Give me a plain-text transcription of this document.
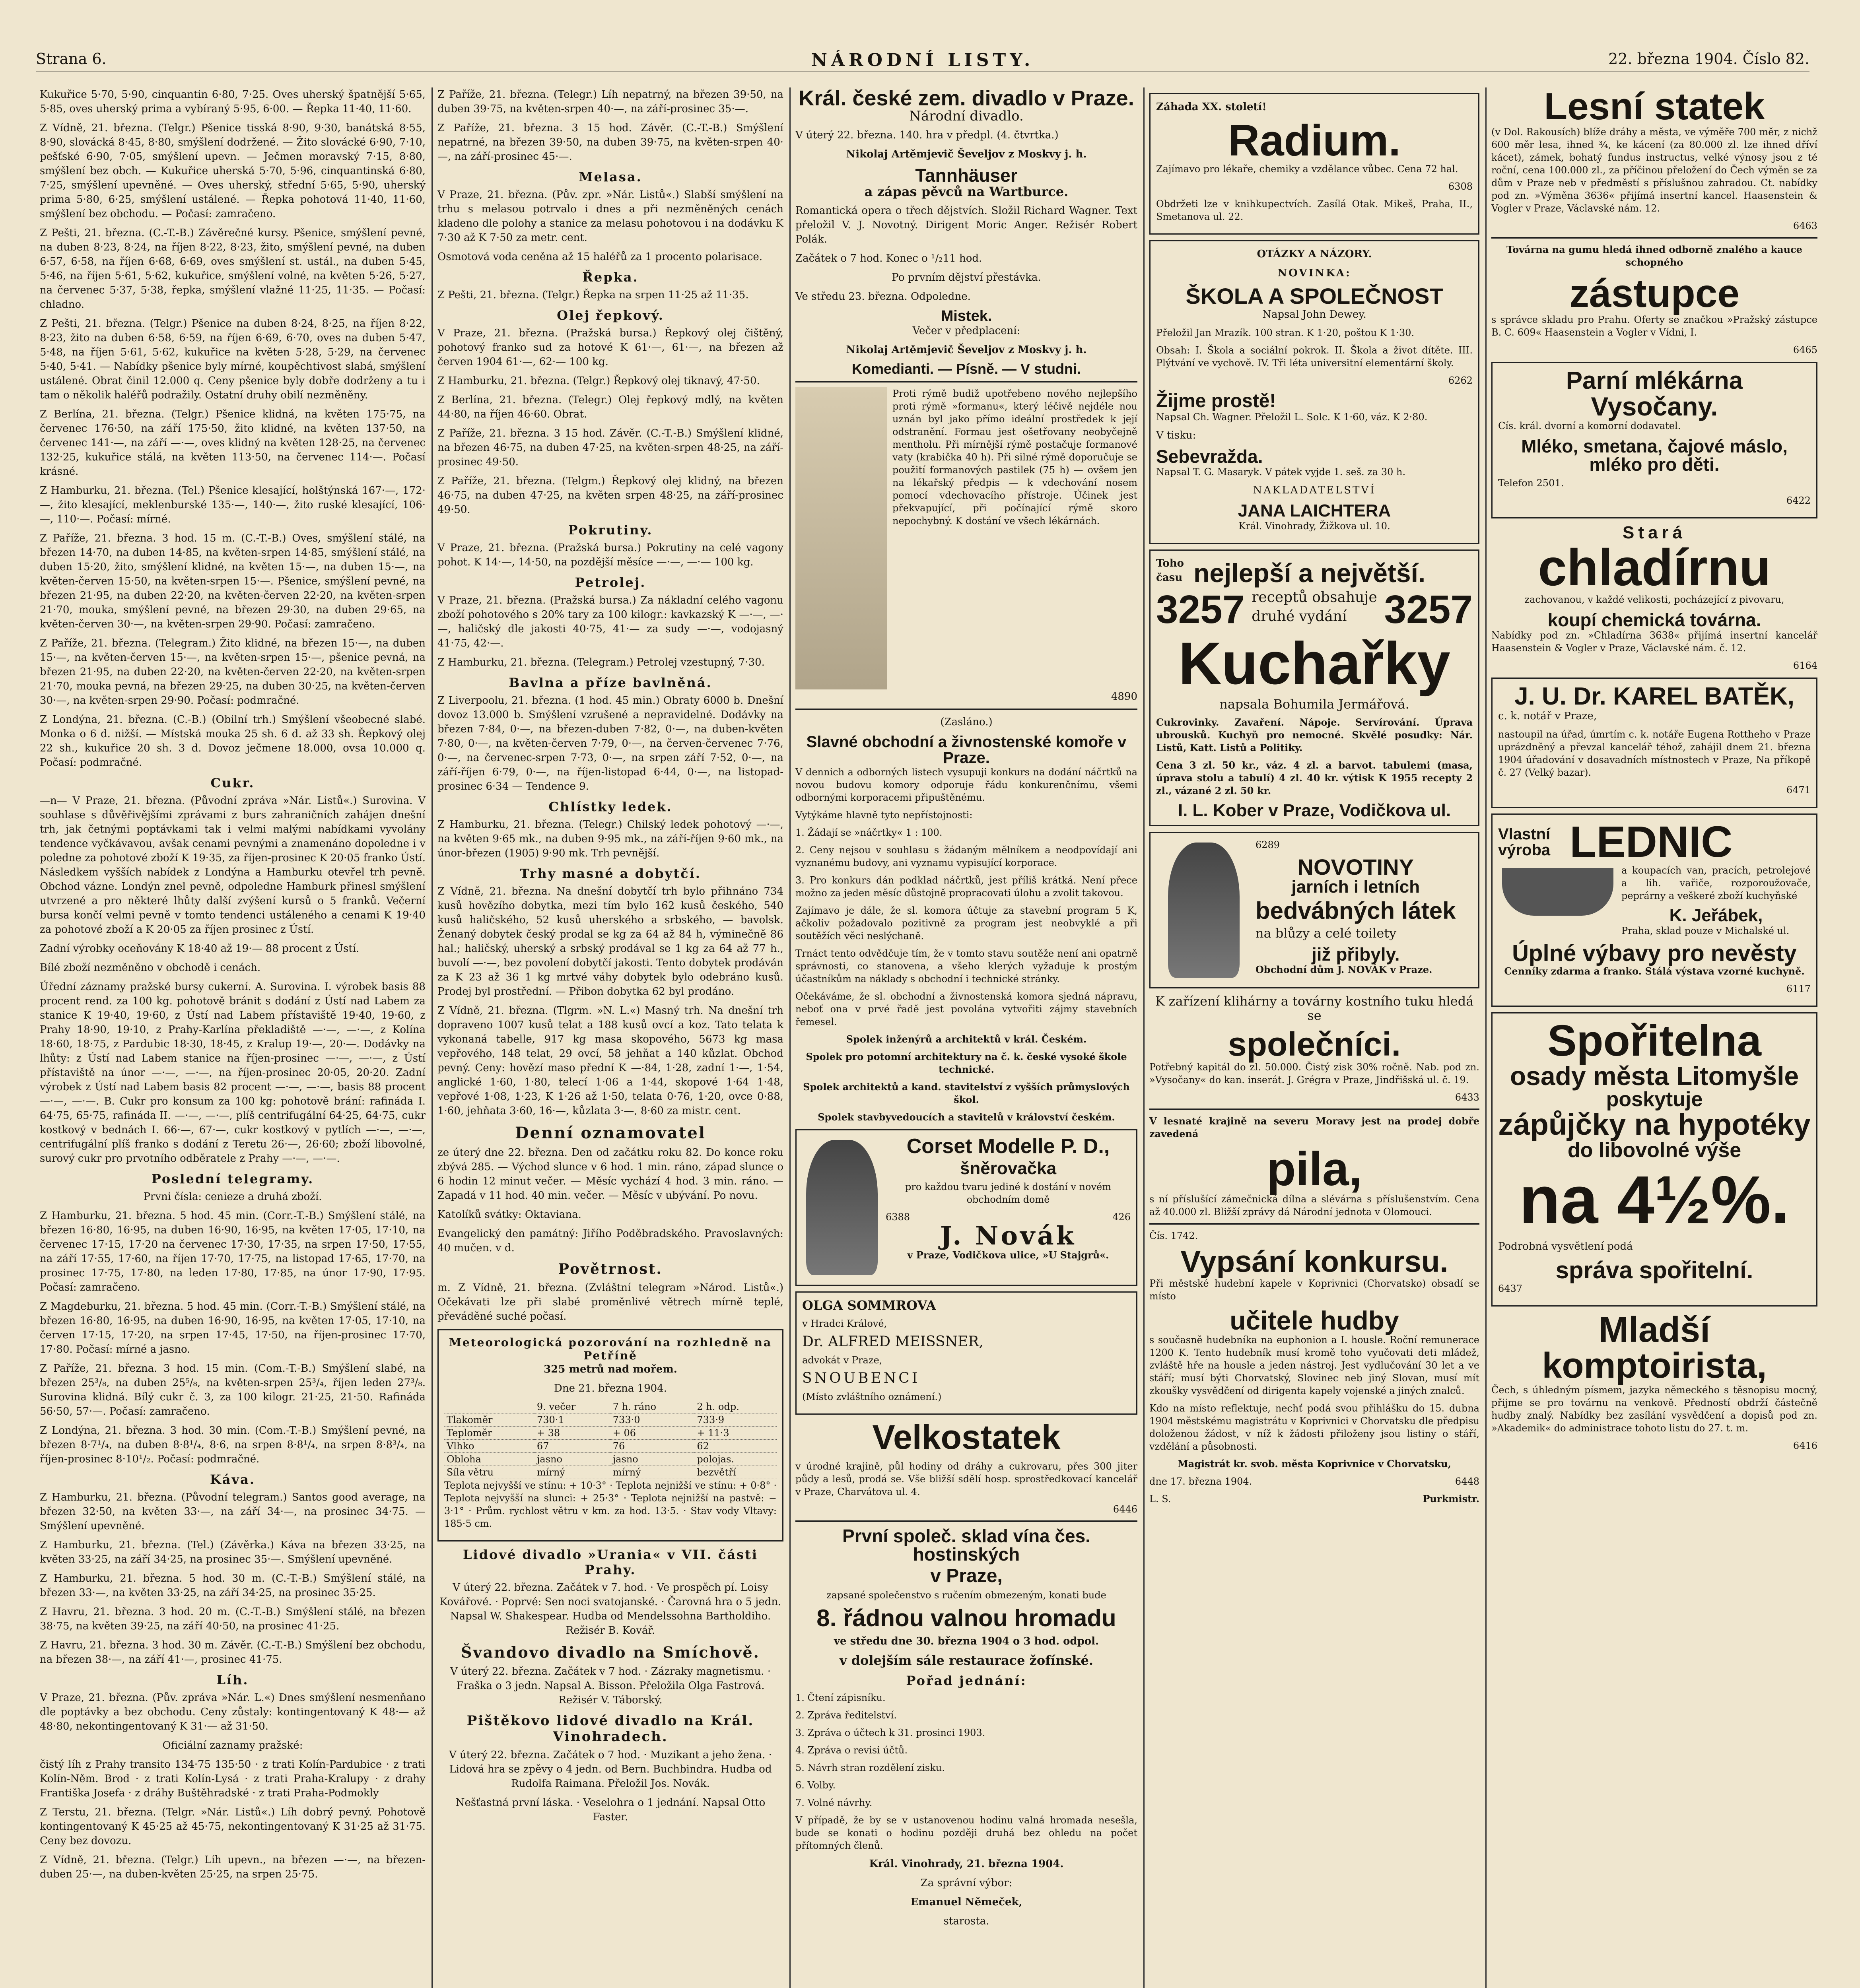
Strana 6.	NÁRODNÍ LISTY.	22. března 1904. Číslo 82.

Kukuřice 5·70, 5·90, cinquantin 6·80, 7·25. Oves uherský špatnější 5·65, 5·85, oves uherský prima a vybíraný 5·95, 6·00. — Řepka 11·40, 11·60.

Z Vídně, 21. března. (Telgr.) Pšenice tisská 8·90, 9·30, banátská 8·55, 8·90, slovácká 8·45, 8·80, smýšlení dodržené. — Žito slovácké 6·90, 7·10, pešťské 6·90, 7·05, smýšlení upevn. — Ječmen moravský 7·15, 8·80, smýšlení bez obch. — Kukuřice uherská 5·70, 5·96, cinquantinská 6·80, 7·25, smýšlení upevněné. — Oves uherský, střední 5·65, 5·90, uherský prima 5·80, 6·25, smýšlení ustálené. — Řepka pohotová 11·40, 11·60, smýšlení bez obchodu. — Počasí: zamračeno.

Z Pešti, 21. března. (C.-T.-B.) Závěrečné kursy. Pšenice, smýšlení pevné, na duben 8·23, 8·24, na říjen 8·22, 8·23, žito, smýšlení pevné, na duben 6·57, 6·58, na říjen 6·68, 6·69, oves smýšlení st. ustál., na duben 5·45, 5·46, na říjen 5·61, 5·62, kukuřice, smýšlení volné, na květen 5·26, 5·27, na červenec 5·37, 5·38, řepka, smýšlení vlažné 11·25, 11·35. — Počasí: chladno.

Z Pešti, 21. března. (Telgr.) Pšenice na duben 8·24, 8·25, na říjen 8·22, 8·23, žito na duben 6·58, 6·59, na říjen 6·69, 6·70, oves na duben 5·47, 5·48, na říjen 5·61, 5·62, kukuřice na květen 5·28, 5·29, na červenec 5·40, 5·41. — Nabídky pšenice byly mírné, koupěchtivost slabá, smýšlení ustálené. Obrat činil 12.000 q. Ceny pšenice byly dobře dodrženy a tu i tam o několik haléřů podražily. Ostatní druhy obilí nezměněny.

Z Berlína, 21. března. (Telgr.) Pšenice klidná, na květen 175·75, na červenec 176·50, na září 175·50, žito klidné, na květen 137·50, na červenec 141·—, na září —·—, oves klidný na květen 128·25, na červenec 132·25, kukuřice stálá, na květen 113·50, na červenec 114·—. Počasí krásné.

Z Hamburku, 21. března. (Tel.) Pšenice klesající, holštýnská 167·—, 172·—, žito klesající, meklenburské 135·—, 140·—, žito ruské klesající, 106·—, 110·—. Počasí: mírné.

Z Paříže, 21. března. 3 hod. 15 m. (C.-T.-B.) Oves, smýšlení stálé, na březen 14·70, na duben 14·85, na květen-srpen 14·85, smýšlení stálé, na duben 15·20, žito, smýšlení klidné, na květen 15·—, na duben 15·—, na květen-červen 15·50, na květen-srpen 15·—. Pšenice, smýšlení pevné, na březen 21·95, na duben 22·20, na květen-červen 22·20, na květen-srpen 21·70, mouka, smýšlení pevné, na březen 29·30, na duben 29·65, na květen-červen 30·—, na květen-srpen 29·90. Počasí: zamračeno.

Z Paříže, 21. března. (Telegram.) Žito klidné, na březen 15·—, na duben 15·—, na květen-červen 15·—, na květen-srpen 15·—, pšenice pevná, na březen 21·95, na duben 22·20, na květen-červen 22·20, na květen-srpen 21·70, mouka pevná, na březen 29·25, na duben 30·25, na květen-červen 30·—, na květen-srpen 29·90. Počasí: podmračné.

Z Londýna, 21. března. (C.-B.) (Obilní trh.) Smýšlení všeobecné slabé. Monka o 6 d. nižší. — Místská mouka 25 sh. 6 d. až 33 sh. Řepkový olej 22 sh., kukuřice 20 sh. 3 d. Dovoz ječmene 18.000, ovsa 10.000 q. Počasí: podmračné.

Cukr.

—n— V Praze, 21. března. (Původní zpráva »Nár. Listů«.) Surovina. V souhlase s důvěřivějšími zprávami z burs zahraničních zahájen dnešní trh, jak četnými poptávkami tak i velmi malými nabídkami vyvolány tendence vyčkávavou, avšak cenami pevnými a znamenáno dopoledne i v poledne za pohotové zboží K 19·35, za říjen-prosinec K 20·05 franko Ústí. Následkem vyšších nabídek z Londýna a Hamburku otevřel trh pevně. Obchod vázne. Londýn znel pevně, odpoledne Hamburk přinesl smýšlení utvrzené a pro některé lhůty další zvýšení kursů o 5 franků. Večerní bursa končí velmi pevně v tomto tendenci ustáleného a cenami K 19·40 za pohotové zboží a K 20·05 za říjen prosinec z Ústí.

Zadní výrobky oceňovány K 18·40 až 19·— 88 procent z Ústí.

Bílé zboží nezměněno v obchodě i cenách.

Úřední záznamy pražské bursy cukerní. A. Surovina. I. výrobek basis 88 procent rend. za 100 kg. pohotově bránit s dodání z Ústí nad Labem za stanice K 19·40, 19·60, z Ústí nad Labem přístaviště 19·40, 19·60, z Prahy 18·90, 19·10, z Prahy-Karlína překladiště —·—, —·—, z Kolína 18·60, 18·75, z Pardubic 18·30, 18·45, z Kralup 19·—, 20·—. Dodávky na lhůty: z Ústí nad Labem stanice na říjen-prosinec —·—, —·—, z Ústí přístaviště na únor —·—, —·—, na říjen-prosinec 20·05, 20·20. Zadní výrobek z Ústí nad Labem basis 82 procent —·—, —·—, basis 88 procent —·—, —·—. B. Cukr pro konsum za 100 kg: pohotově brání: rafináda I. 64·75, 65·75, rafináda II. —·—, —·—, plíš centrifugální 64·25, 64·75, cukr kostkový v bednách I. 66·—, 67·—, cukr kostkový v pytlích —·—, —·—, centrifugální plíš franko s dodání z Teretu 26·—, 26·60; zboží libovolné, surový cukr pro prvotního odběratele z Prahy —·—, —·—.

Poslední telegramy.

Prvni čísla: cenieze a druhá zboží.

Z Hamburku, 21. března. 5 hod. 45 min. (Corr.-T.-B.) Smýšlení stálé, na březen 16·80, 16·95, na duben 16·90, 16·95, na květen 17·05, 17·10, na červenec 17·15, 17·20 na červenec 17·30, 17·35, na srpen 17·50, 17·55, na září 17·55, 17·60, na říjen 17·70, 17·75, na listopad 17·65, 17·70, na prosinec 17·75, 17·80, na leden 17·80, 17·85, na únor 17·90, 17·95. Počasí: zamračeno.

Z Magdeburku, 21. března. 5 hod. 45 min. (Corr.-T.-B.) Smýšlení stálé, na březen 16·80, 16·95, na duben 16·90, 16·95, na květen 17·05, 17·10, na červen 17·15, 17·20, na srpen 17·45, 17·50, na říjen-prosinec 17·70, 17·80. Počasí: mírné a jasno.

Z Paříže, 21. března. 3 hod. 15 min. (Com.-T.-B.) Smýšlení slabé, na březen 25³/₈, na duben 25⁵/₈, na květen-srpen 25³/₄, říjen leden 27³/₈. Surovina klidná. Bílý cukr č. 3, za 100 kilogr. 21·25, 21·50. Rafináda 56·50, 57·—. Počasí: zamračeno.

Z Londýna, 21. března. 3 hod. 30 min. (Com.-T.-B.) Smýšlení pevné, na březen 8·7¹/₄, na duben 8·8¹/₄, 8·6, na srpen 8·8¹/₄, na srpen 8·8³/₄, na říjen-prosinec 8·10¹/₂. Počasí: podmračné.

Káva.

Z Hamburku, 21. března. (Původní telegram.) Santos good average, na březen 32·50, na květen 33·—, na září 34·—, na prosinec 34·75. — Smýšlení upevněné.

Z Hamburku, 21. března. (Tel.) (Závěrka.) Káva na březen 33·25, na květen 33·25, na září 34·25, na prosinec 35·—. Smýšlení upevněné.

Z Hamburku, 21. března. 5 hod. 30 m. (C.-T.-B.) Smýšlení stálé, na březen 33·—, na květen 33·25, na září 34·25, na prosinec 35·25.

Z Havru, 21. března. 3 hod. 20 m. (C.-T.-B.) Smýšlení stálé, na březen 38·75, na květen 39·25, na září 40·50, na prosinec 41·25.

Z Havru, 21. března. 3 hod. 30 m. Závěr. (C.-T.-B.) Smýšlení bez obchodu, na březen 38·—, na září 41·—, prosinec 41·75.

Líh.

V Praze, 21. března. (Pův. zpráva »Nár. L.«) Dnes smýšlení nesmenňano dle poptávky a bez obchodu. Ceny zůstaly: kontingentovaný K 48·— až 48·80, nekontingentovaný K 31·— až 31·50.

Oficiální zaznamy pražské:

čistý líh z Prahy transito 134·75 135·50 · z trati Kolín-Pardubice · z trati Kolín-Něm. Brod · z trati Kolín-Lysá · z trati Praha-Kralupy · z drahy Františka Josefa · z dráhy Buštěhradské · z trati Praha-Podmokly

Z Terstu, 21. března. (Telgr. »Nár. Listů«.) Líh dobrý pevný. Pohotově kontingentovaný K 45·25 až 45·75, nekontingentovaný K 31·25 až 31·75. Ceny bez dovozu.

Z Vídně, 21. března. (Telgr.) Líh upevn., na březen —·—, na březen-duben 25·—, na duben-květen 25·25, na srpen 25·75.

Z Paříže, 21. března. (Telegr.) Líh nepatrný, na březen 39·50, na duben 39·75, na květen-srpen 40·—, na září-prosinec 35·—.

Z Paříže, 21. března. 3 15 hod. Závěr. (C.-T.-B.) Smýšlení nepatrné, na březen 39·50, na duben 39·75, na květen-srpen 40·—, na září-prosinec 45·—.

Melasa.

V Praze, 21. března. (Pův. zpr. »Nár. Listů«.) Slabší smýšlení na trhu s melasou potrvalo i dnes a při nezměněných cenách kladeno dle polohy a stanice za melasu pohotovou i na dodávku K 7·30 až K 7·50 za metr. cent.

Osmotová voda ceněna až 15 haléřů za 1 procento polarisace.

Řepka.

Z Pešti, 21. března. (Telgr.) Řepka na srpen 11·25 až 11·35.

Olej řepkový.

V Praze, 21. března. (Pražská bursa.) Řepkový olej čištěný, pohotový franko sud za hotové K 61·—, 61·—, na březen až červen 1904 61·—, 62·— 100 kg.

Z Hamburku, 21. března. (Telgr.) Řepkový olej tiknavý, 47·50.

Z Berlína, 21. března. (Telegr.) Olej řepkový mdlý, na květen 44·80, na říjen 46·60. Obrat.

Z Paříže, 21. března. 3 15 hod. Závěr. (C.-T.-B.) Smýšlení klidné, na březen 46·75, na duben 47·25, na květen-srpen 48·25, na září-prosinec 49·50.

Z Paříže, 21. března. (Telgm.) Řepkový olej klidný, na březen 46·75, na duben 47·25, na květen srpen 48·25, na září-prosinec 49·50.

Pokrutiny.

V Praze, 21. března. (Pražská bursa.) Pokrutiny na celé vagony pohot. K 14·—, 14·50, na pozdější měsíce —·—, —·— 100 kg.

Petrolej.

V Praze, 21. března. (Pražská bursa.) Za nákladní celého vagonu zboží pohotového s 20% tary za 100 kilogr.: kavkazský K —·—, —·—, haličský dle jakosti 40·75, 41·— za sudy —·—, vodojasný 41·75, 42·—.

Z Hamburku, 21. března. (Telegram.) Petrolej vzestupný, 7·30.

Bavlna a příze bavlněná.

Z Liverpoolu, 21. března. (1 hod. 45 min.) Obraty 6000 b. Dnešní dovoz 13.000 b. Smýšlení vzrušené a nepravidelné. Dodávky na březen 7·84, 0·—, na březen-duben 7·82, 0·—, na duben-květen 7·80, 0·—, na květen-červen 7·79, 0·—, na červen-červenec 7·76, 0·—, na červenec-srpen 7·73, 0·—, na srpen září 7·52, 0·—, na září-říjen 6·79, 0·—, na říjen-listopad 6·44, 0·—, na listopad-prosinec 6·34 — Tendence 9.

Chlístky ledek.

Z Hamburku, 21. března. (Telegr.) Chilský ledek pohotový —·—, na květen 9·65 mk., na duben 9·95 mk., na září-říjen 9·60 mk., na únor-březen (1905) 9·90 mk. Trh pevnější.

Trhy masné a dobytčí.

Z Vídně, 21. března. Na dnešní dobytčí trh bylo přihnáno 734 kusů hovězího dobytka, mezi tím bylo 162 kusů českého, 540 kusů haličského, 52 kusů uherského a srbského, — bavolsk. Ženaný dobytek český prodal se kg za 64 až 84 h, výminečně 86 hal.; haličský, uherský a srbský prodával se 1 kg za 64 až 77 h., buvolí —·—, bez povolení dobytčí jakosti. Tento dobytek prodáván za K 23 až 36 1 kg mrtvé váhy dobytek bylo odebráno kusů. Prodej byl prostřední. — Přibon dobytka 62 byl prodáno.

Z Vídně, 21. března. (Tlgrm. »N. L.«) Masný trh. Na dnešní trh dopraveno 1007 kusů telat a 188 kusů ovcí a koz. Tato telata k vykonaná tabelle, 917 kg masa skopového, 5673 kg masa vepřového, 148 telat, 29 ovcí, 58 jehňat a 140 kůzlat. Obchod pevný. Ceny: hovězí maso přední K —·84, 1·28, zadní 1·—, 1·54, anglické 1·60, 1·80, telecí 1·06 a 1·44, skopové 1·64 1·48, vepřové 1·08, 1·23, K 1·26 až 1·50, telata 0·76, 1·20, ovce 0·88, 1·60, jehňata 3·60, 16·—, kůzlata 3·—, 8·60 za mistr. cent.

Denní oznamovatel

ze úterý dne 22. března. Den od začátku roku 82. Do konce roku zbývá 285. — Východ slunce v 6 hod. 1 min. ráno, západ slunce o 6 hodin 12 minut večer. — Měsíc vychází 4 hod. 3 min. ráno. — Zapadá v 11 hod. 40 min. večer. — Měsíc v ubývání. Po novu.

Katolíků svátky: Oktaviana.

Evangelický den památný: Jiřího Poděbradského. Pravoslavných: 40 mučen. v d.

Povětrnost.

m. Z Vídně, 21. března. (Zvláštní telegram »Národ. Listů«.) Očekávati lze při slabé proměnlivé větrech mírně teplé, převáděné suché počasí.

Meteorologická pozorování na rozhledně na Petříně
325 metrů nad mořem.
Dne 21. března 1904.
	9. večer	7 h. ráno	2 h. odp.
Tlakoměr	730·1	733·0	733·9
Teploměr	+ 38	+ 06	+ 11·3
Vlhko	67	76	62
Obloha	jasno	jasno	polojas.
Síla větru	mírný	mírný	bezvětří

Teplota nejvyšší ve stínu: + 10·3° · Teplota nejnižší ve stínu: + 0·8° · Teplota nejvyšší na slunci: + 25·3° · Teplota nejnižší na pastvě: − 3·1° · Prům. rychlost větru v km. za hod. 13·5. · Stav vody Vltavy: 185·5 cm.

Lidové divadlo »Urania« v VII. části Prahy.

V úterý 22. března. Začátek v 7. hod. · Ve prospěch pí. Loisy Kovářové. · Poprvé: Sen noci svatojanské. · Čarovná hra o 5 jedn. Napsal W. Shakespear. Hudba od Mendelssohna Bartholdiho. Režisér B. Kovář.

Švandovo divadlo na Smíchově.

V úterý 22. března. Začátek v 7 hod. · Zázraky magnetismu. · Fraška o 3 jedn. Napsal A. Bisson. Přeložila Olga Fastrová. Režisér V. Táborský.

Pištěkovo lidové divadlo na Král. Vinohradech.

V úterý 22. března. Začátek o 7 hod. · Muzikant a jeho žena. · Lidová hra se zpěvy o 4 jedn. od Bern. Buchbindra. Hudba od Rudolfa Raimana. Přeložil Jos. Novák.

Nešťastná první láska. · Veselohra o 1 jednání. Napsal Otto Faster.

Král. české zem. divadlo v Praze.
Národní divadlo.

V úterý 22. března. 140. hra v předpl. (4. čtvrtka.)

Nikolaj Artěmjevič Ševeljov z Moskvy j. h.

Tannhäuser
a zápas pěvců na Wartburce.

Romantická opera o třech dějstvích. Složil Richard Wagner. Text přeložil V. J. Novotný. Dirigent Moric Anger. Režisér Robert Polák.

Začátek o 7 hod. Konec o ¹/₂11 hod.

Po prvním dějství přestávka.

Ve středu 23. března. Odpoledne.

Mistek.

Večer v předplacení:

Nikolaj Artěmjevič Ševeljov z Moskvy j. h.

Komedianti. — Písně. — V studni.

Proti rýmě budiž upotřebeno nového nejlepšího proti rýmě »formanu«, který léčivě nejdéle nou uznán byl jako přímo ideální prostředek k její odstranění. Formau jest ošetřovany neobyčejně mentholu. Při mírnější rýmě postačuje formanové vaty (krabička 40 h). Při silné rýmě doporučuje se použití formanových pastilek (75 h) — ovšem jen na lékařský předpis — k vdechování nosem pomocí vdechovacího přístroje. Účinek jest překvapující, při počínající rýmě skoro nepochybný. K dostání ve všech lékárnách.

4890
(Zasláno.)
Slavné obchodní a živnostenské komoře v Praze.

V dennich a odborných listech vysupuji konkurs na dodání náčrtků na novou budovu komory odporuje řádu konkurenčnímu, všemi odbornými korporacemi připuštěnému.

Vytýkáme hlavně tyto nepřístojnosti:

1. Žádají se »náčrtky« 1 : 100.

2. Ceny nejsou v souhlasu s žádaným mělníkem a neodpovídají ani vyznanému budovy, ani vyznamu vypisující korporace.

3. Pro konkurs dán podklad náčrtků, jest příliš krátká. Není přece možno za jeden měsíc důstojně propracovati úlohu a zvolit takovou.

Zajímavo je dále, že sl. komora účtuje za stavební program 5 K, ačkoliv požadovalo pozitivně za program jest neobvyklé a při soutěžích věci neslýchaně.

Trnáct tento odvědčuje tím, že v tomto stavu soutěže není ani opatrně správnosti, co stanovena, a všeho klerých vyžaduje k prostým účastníkům na náklady s obchodní i technické stránky.

Očekáváme, že sl. obchodní a živnostenská komora sjedná nápravu, neboť ona v prvé řadě jest povolána vytvořiti zájmy stavebních řemesel.

Spolek inženýrů a architektů v král. Českém.

Spolek pro potomní architektury na č. k. české vysoké škole technické.

Spolek architektů a kand. stavitelství z vyšších průmyslových škol.

Spolek stavbyvedoucích a stavitelů v království českém.

Corset Modelle P. D.,
šněrovačka

pro každou tvaru jediné k dostání v novém obchodním domě

6388	426
J. Novák
v Praze, Vodičkova ulice, »U Stajgrů«.
OLGA SOMMROVA
v Hradci Králové,
Dr. ALFRED MEISSNER,
advokát v Praze,
SNOUBENCI
(Místo zvláštního oznámení.)
Velkostatek

v úrodné krajině, půl hodiny od dráhy a cukrovaru, přes 300 jiter půdy a lesů, prodá se. Vše bližší sdělí hosp. sprostředkovací kancelář v Praze, Charvátova ul. 4.

6446
První společ. sklad vína čes. hostinských
v Praze,

zapsané společenstvo s ručením obmezeným, konati bude

8. řádnou valnou hromadu

ve středu dne 30. března 1904 o 3 hod. odpol.

v dolejším sále restaurace žofínské.

Pořad jednání:
1. Čtení zápisníku.
2. Zpráva ředitelství.
3. Zpráva o účtech k 31. prosinci 1903.
4. Zpráva o revisi účtů.
5. Návrh stran rozdělení zisku.
6. Volby.
7. Volné návrhy.

V případě, že by se v ustanovenou hodinu valná hromada nesešla, bude se konati o hodinu později druhá bez ohledu na počet přítomných členů.

Král. Vinohrady, 21. března 1904.

Za správní výbor:

Emanuel Němeček,

starosta.

Záhada XX. století!
Radium.

Zajímavo pro lékaře, chemiky a vzdělance vůbec. Cena 72 hal.

6308

Obdržeti lze v knihkupectvích. Zasílá Otak. Mikeš, Praha, II., Smetanova ul. 22.

OTÁZKY A NÁZORY.
NOVINKA:
ŠKOLA A SPOLEČNOST
Napsal John Dewey.

Přeložil Jan Mrazík. 100 stran. K 1·20, poštou K 1·30.

Obsah: I. Škola a sociální pokrok. II. Škola a život dítěte. III. Plýtvání ve vychově. IV. Tři léta universitní elementární školy.

6262
Žijme prostě!

Napsal Ch. Wagner. Přeložil L. Solc. K 1·60, váz. K 2·80.

V tisku:
Sebevražda.

Napsal T. G. Masaryk. V pátek vyjde 1. seš. za 30 h.

NAKLADATELSTVÍ
JANA LAICHTERA
Král. Vinohrady, Žižkova ul. 10.
Toho času nejlepší a největší.
3257 receptů obsahuje
druhé vydání 3257
Kuchařky
napsala Bohumila Jermářová.

Cukrovinky. Zavaření. Nápoje. Servírování. Úprava ubrousků. Kuchyň pro nemocné. Skvělé posudky: Nár. Listů, Katt. Listů a Politiky.

Cena 3 zl. 50 kr., váz. 4 zl. a barvot. tabulemi (masa, úprava stolu a tabulí) 4 zl. 40 kr. výtisk K 1955 recepty 2 zl., vázané 2 zl. 50 kr.

I. L. Kober v Praze, Vodičkova ul.
6289
NOVOTINY
jarních i letních
bedvábných látek
na blůzy a celé toilety
již přibyly.
Obchodní dům J. NOVÁK v Praze.
K zařízení klihárny a továrny kostního tuku hledá se
společníci.

Potřebný kapitál do zl. 50.000. Čistý zisk 30% ročně. Nab. pod zn. »Vysočany« do kan. inserát. J. Grégra v Praze, Jindřišská ul. č. 19.

6433

V lesnaté krajině na severu Moravy jest na prodej dobře zavedená

pila,

s ní příslušící zámečnická dílna a slévárna s příslušenstvím. Cena až 40.000 zl. Bližší zprávy dá Národní jednota v Olomouci.

Čís. 1742.
Vypsání konkursu.

Při městské hudební kapele v Koprivnici (Chorvatsko) obsadí se místo

učitele hudby

s současně hudebníka na euphonion a I. housle. Roční remunerace 1200 K. Tento hudebník musí kromě toho vyučovati deti mládež, zvláště hře na housle a jeden nástroj. Jest vydlučování 30 let a ve stáří; musí býti Chorvatský, Slovinec neb jiný Slovan, musí mít zkoušky vysvědčení od dirigenta kapely vojenské a jiných znalců.

Kdo na místo reflektuje, nechť podá svou přihlášku do 15. dubna 1904 městskému magistrátu v Koprivnici v Chorvatsku dle předpisu doloženou žádost, v níž k žádosti přiloženy jsou listiny o stáří, vzdělání a působnosti.

Magistrát kr. svob. města Koprivnice v Chorvatsku,

dne 17. března 1904.	6448
L. S.	Purkmistr.
Lesní statek

(v Dol. Rakousích) blíže dráhy a města, ve výměře 700 měr, z nichž 600 měr lesa, ihned ¾, ke kácení (za 80.000 zl. lze ihned dříví kácet), zámek, bohatý fundus instructus, velké výnosy jsou z té roční, cena 100.000 zl., za příčinou přeložení do Čech výměn se za dům v Praze neb v předměstí s příslušnou zahradou. Ct. nabídky pod zn. »Výměna 3636« přijímá insertní kancel. Haasenstein & Vogler v Praze, Václavské nám. 12.

6463

Továrna na gumu hledá ihned odborně znalého a kauce schopného

zástupce

s správce skladu pro Prahu. Oferty se značkou »Pražský zástupce B. C. 609« Haasenstein a Vogler v Vídni, I.

6465
Parní mlékárna
Vysočany.
Cís. král. dvorní a komorní dodavatel.
Mléko, smetana, čajové máslo, mléko pro děti.
Telefon 2501.
6422
Stará
chladírnu

zachovanou, v každé velikosti, pocházející z pivovaru,

koupí chemická továrna.

Nabídky pod zn. »Chladírna 3638« přijímá insertní kancelář Haasenstein & Vogler v Praze, Václavské nám. č. 12.

6164
J. U. Dr. KAREL BATĚK,
c. k. notář v Praze,

nastoupil na úřad, úmrtím c. k. notáře Eugena Rottheho v Praze uprázdněný a převzal kancelář téhož, zahájil dnem 21. března 1904 úřadování v dosavadních místnostech v Praze, Na příkopě č. 27 (Velký bazar).

6471
Vlastní výroba LEDNIC

a koupacích van, pracích, petrolejové a lih. vařiče, rozporoužovače, peprárny a veškeré zboží kuchyňské

K. Jeřábek,
Praha, sklad pouze v Michalské ul.
Úplné výbavy pro nevěsty
Cenníky zdarma a franko. Stálá výstava vzorné kuchyně.
6117
Spořitelna
osady města Litomyšle
poskytuje
zápůjčky na hypotéky
do libovolné výše
na 4½%.
Podrobná vysvětlení podá
správa spořitelní.
6437
Mladší komptoirista,

Čech, s úhledným písmem, jazyka německého s těsnopisu mocný, přijme se pro továrnu na venkově. Předností obdrží částečně hudby znalý. Nabídky bez zasílání vysvědčení a dopisů pod zn. »Akademik« do administrace tohoto listu do 27. t. m.

6416
